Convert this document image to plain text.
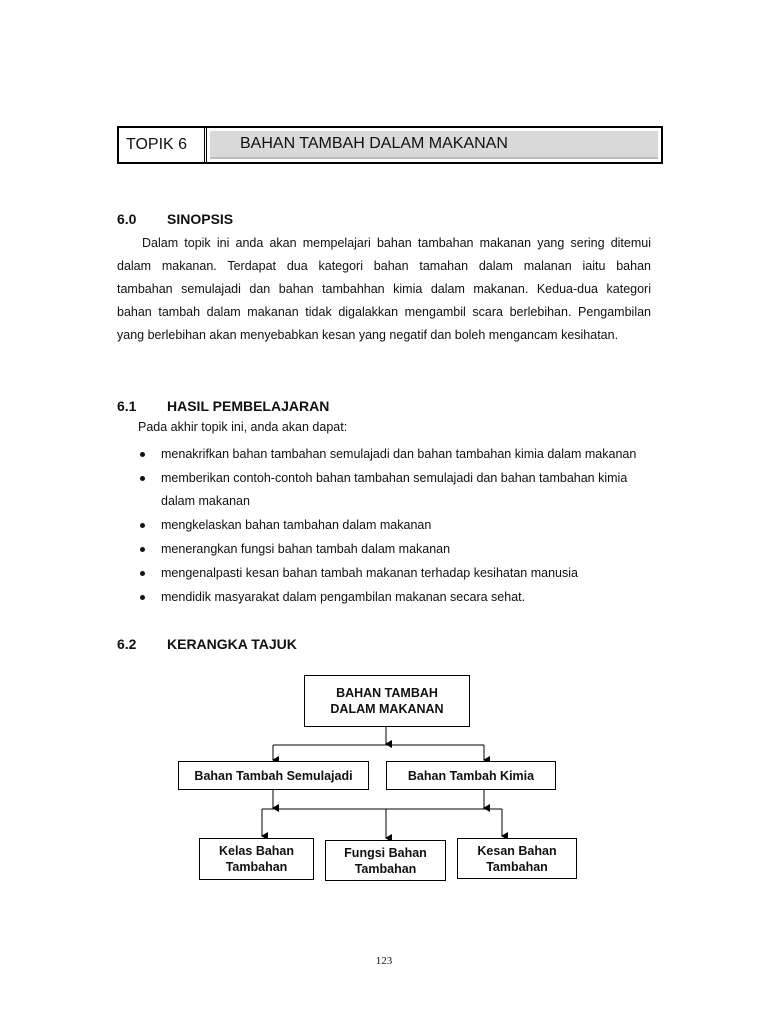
TOPIK 6	BAHAN TAMBAH DALAM MAKANAN
6.0	SINOPSIS
Dalam topik ini anda akan mempelajari bahan tambahan makanan yang sering ditemui
dalam makanan. Terdapat dua kategori bahan tamahan dalam malanan iaitu bahan
tambahan semulajadi dan bahan tambahhan kimia dalam makanan. Kedua-dua kategori
bahan tambah dalam makanan tidak digalakkan mengambil scara berlebihan. Pengambilan
yang berlebihan akan menyebabkan kesan yang negatif dan boleh mengancam kesihatan.
6.1	HASIL PEMBELAJARAN
Pada akhir topik ini, anda akan dapat:
menakrifkan bahan tambahan semulajadi dan bahan tambahan kimia dalam makanan
memberikan contoh-contoh bahan tambahan semulajadi dan bahan tambahan kimia
dalam makanan
mengkelaskan bahan tambahan dalam makanan
menerangkan fungsi bahan tambah dalam makanan
mengenalpasti kesan bahan tambah makanan terhadap kesihatan manusia
mendidik masyarakat dalam pengambilan makanan secara sehat.
6.2	KERANGKA TAJUK
BAHAN TAMBAH
DALAM MAKANAN
Bahan Tambah Semulajadi	Bahan Tambah Kimia
Kelas Bahan
Tambahan
Fungsi Bahan
Tambahan
Kesan Bahan
Tambahan
123
